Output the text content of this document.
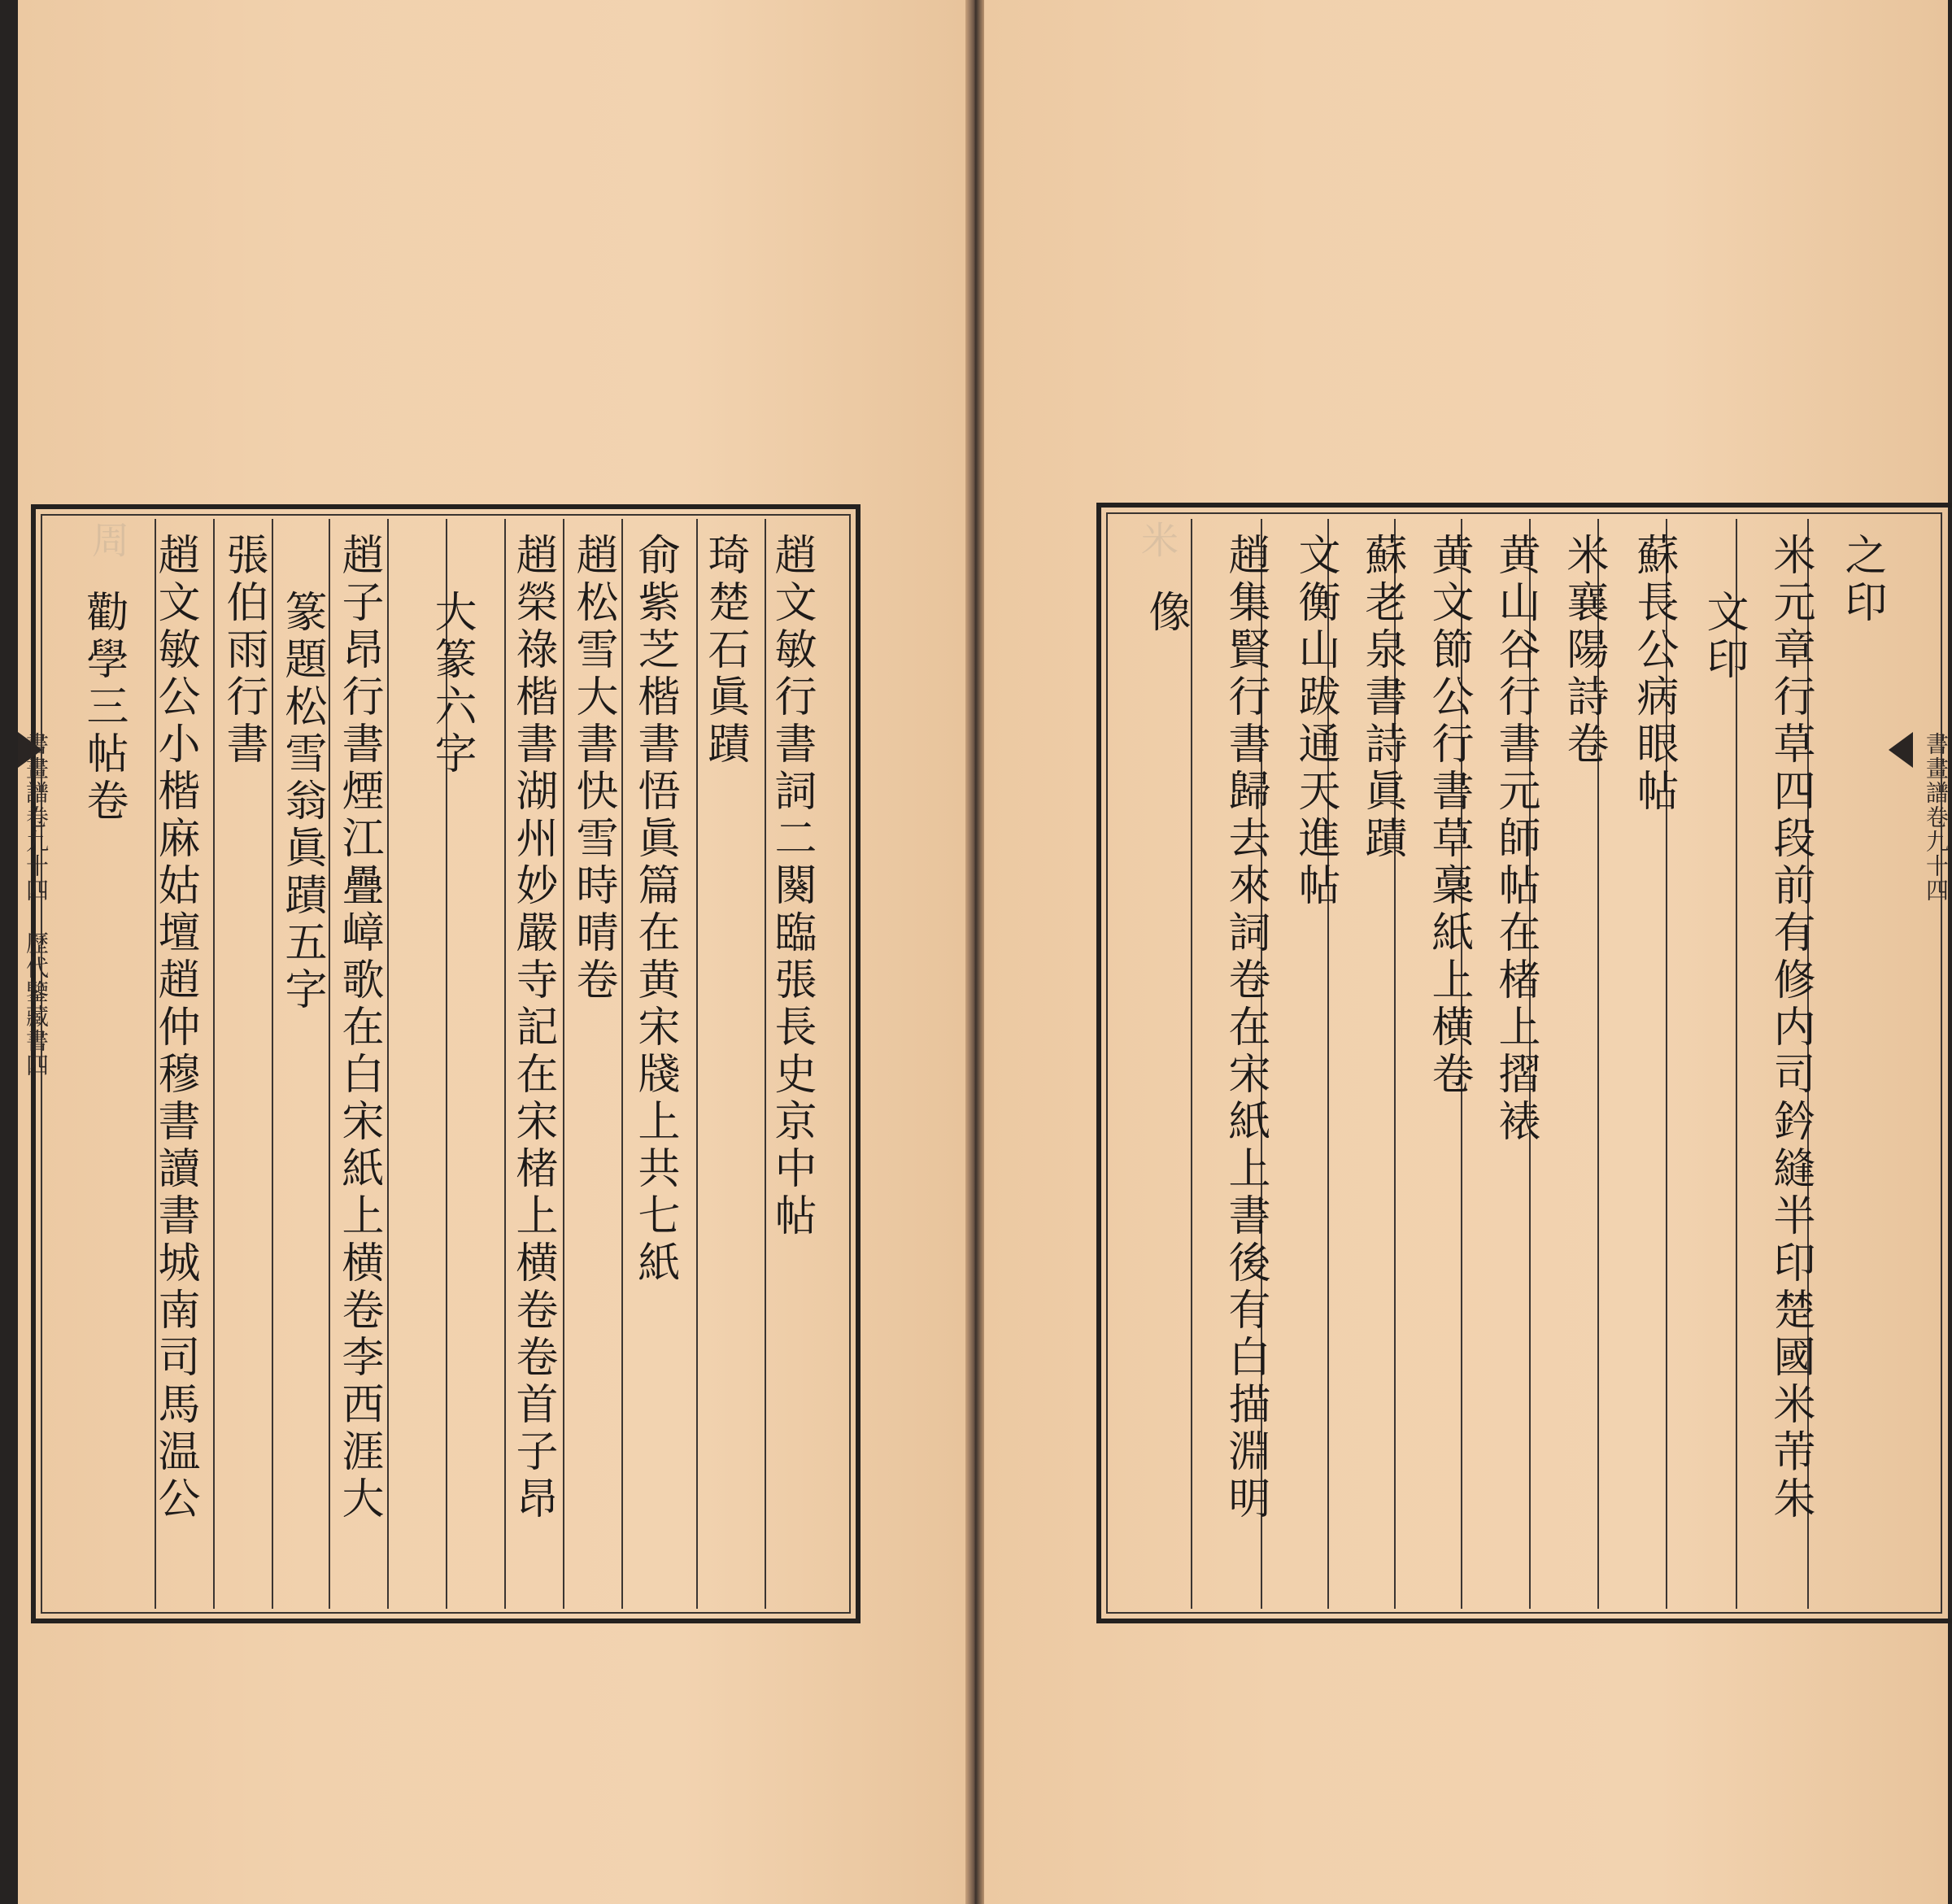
趙文敏行書詞二闋臨張長史京中帖
琦楚石眞蹟
俞紫芝楷書悟眞篇在黄宋牋上共七紙
趙松雪大書快雪時晴卷
趙榮祿楷書湖州妙嚴寺記在宋楮上横卷卷首子昂
大篆六字
趙子昂行書煙江疊嶂歌在白宋紙上横卷李西涯大
篆題松雪翁眞蹟五字
張伯雨行書
趙文敏公小楷麻姑壇趙仲穆書讀書城南司馬温公
勸學三帖卷
周
書畫譜卷九十四 歷代鑒藏書四
之印
米元章行草四段前有修内司鈐縫半印楚國米芾朱
文印
蘇長公病眼帖
米襄陽詩卷
黄山谷行書元師帖在楮上摺裱
黄文節公行書草稾紙上横卷
蘇老泉書詩眞蹟
文衡山跋通天進帖
趙集賢行書歸去來詞卷在宋紙上書後有白描淵明
像
米
書畫譜卷九十四
